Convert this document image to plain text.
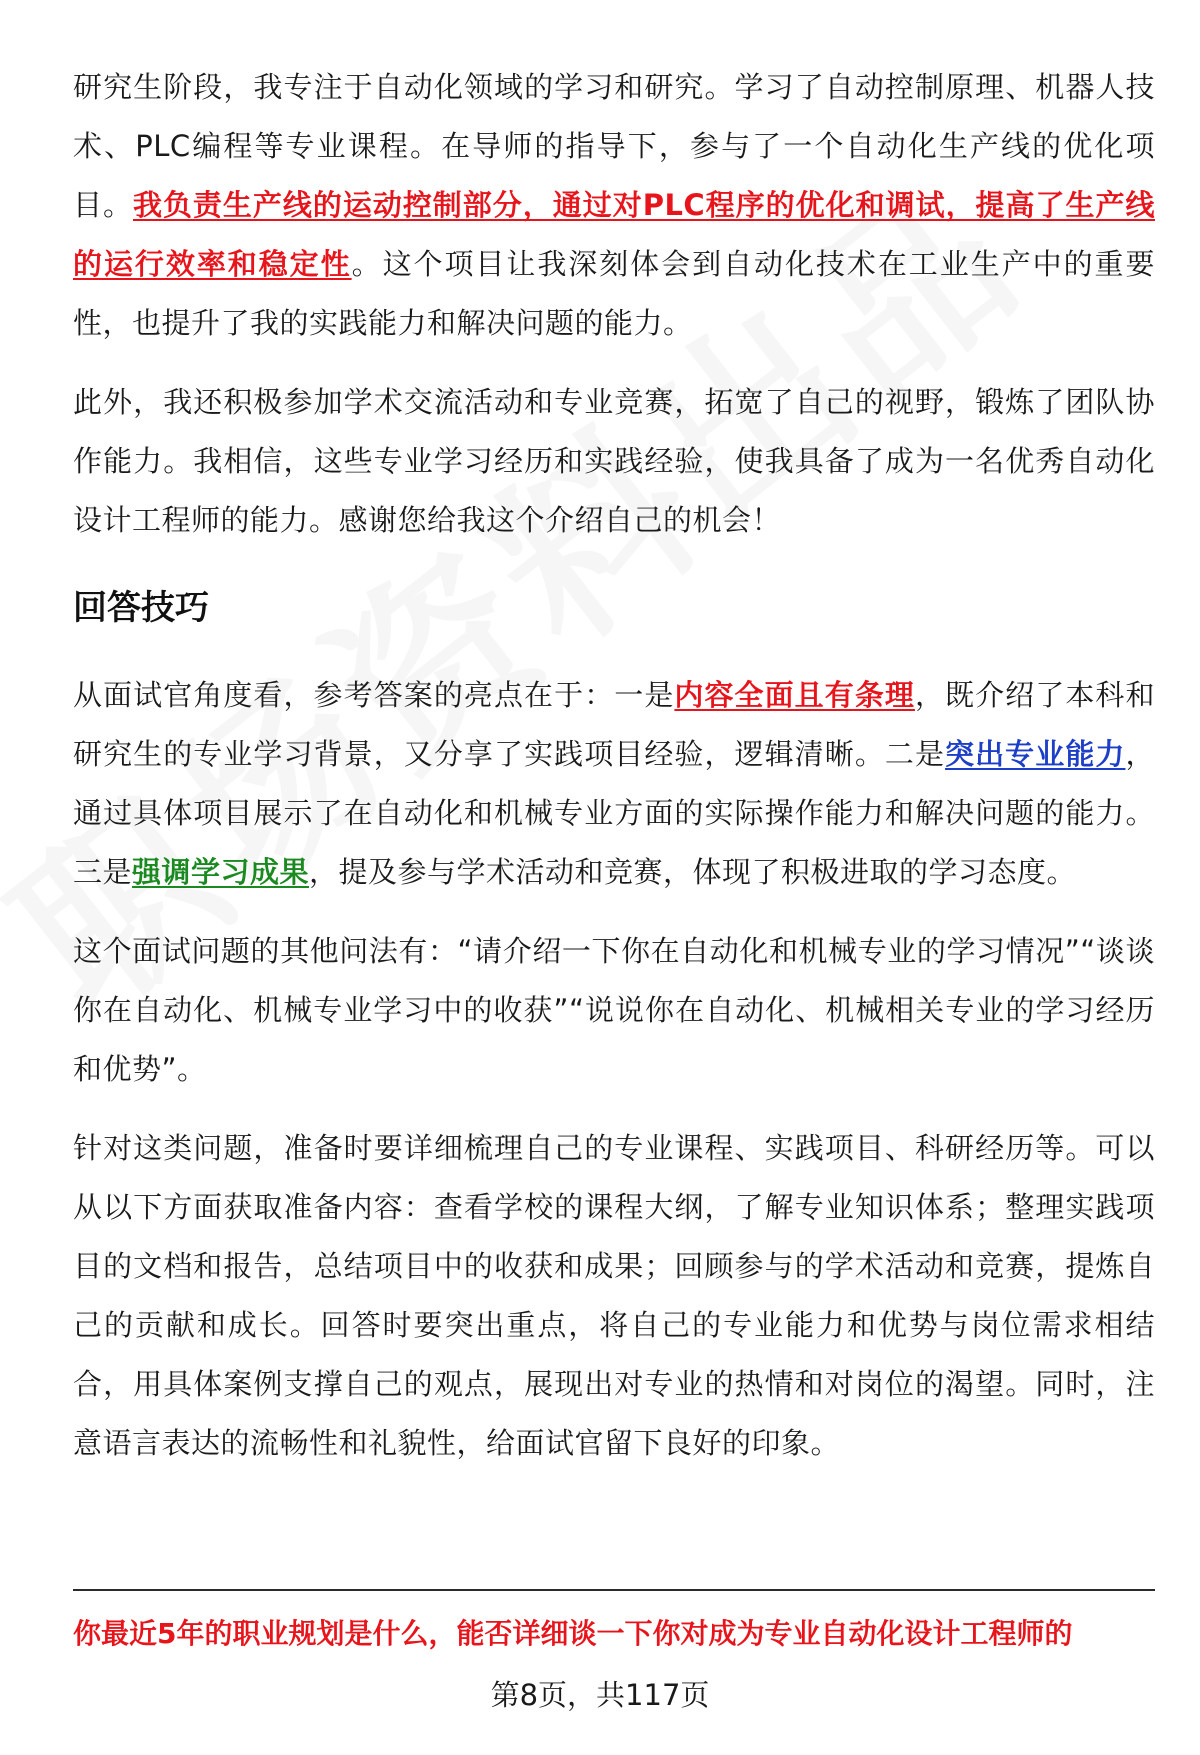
研究生阶段，我专注于自动化领域的学习和研究。学习了自动控制原理、机器人技术、PLC编程等专业课程。在导师的指导下，参与了一个自动化生产线的优化项目。我负责生产线的运动控制部分，通过对PLC程序的优化和调试，提高了生产线的运行效率和稳定性。这个项目让我深刻体会到自动化技术在工业生产中的重要性，也提升了我的实践能力和解决问题的能力。

此外，我还积极参加学术交流活动和专业竞赛，拓宽了自己的视野，锻炼了团队协作能力。我相信，这些专业学习经历和实践经验，使我具备了成为一名优秀自动化设计工程师的能力。感谢您给我这个介绍自己的机会！

回答技巧

从面试官角度看，参考答案的亮点在于：一是内容全面且有条理，既介绍了本科和研究生的专业学习背景，又分享了实践项目经验，逻辑清晰。二是突出专业能力，通过具体项目展示了在自动化和机械专业方面的实际操作能力和解决问题的能力。三是强调学习成果，提及参与学术活动和竞赛，体现了积极进取的学习态度。

这个面试问题的其他问法有：“请介绍一下你在自动化和机械专业的学习情况”“谈谈你在自动化、机械专业学习中的收获”“说说你在自动化、机械相关专业的学习经历和优势”。

针对这类问题，准备时要详细梳理自己的专业课程、实践项目、科研经历等。可以从以下方面获取准备内容：查看学校的课程大纲，了解专业知识体系；整理实践项目的文档和报告，总结项目中的收获和成果；回顾参与的学术活动和竞赛，提炼自己的贡献和成长。回答时要突出重点，将自己的专业能力和优势与岗位需求相结合，用具体案例支撑自己的观点，展现出对专业的热情和对岗位的渴望。同时，注意语言表达的流畅性和礼貌性，给面试官留下良好的印象。

你最近5年的职业规划是什么，能否详细谈一下你对成为专业自动化设计工程师的
第8页，共117页
